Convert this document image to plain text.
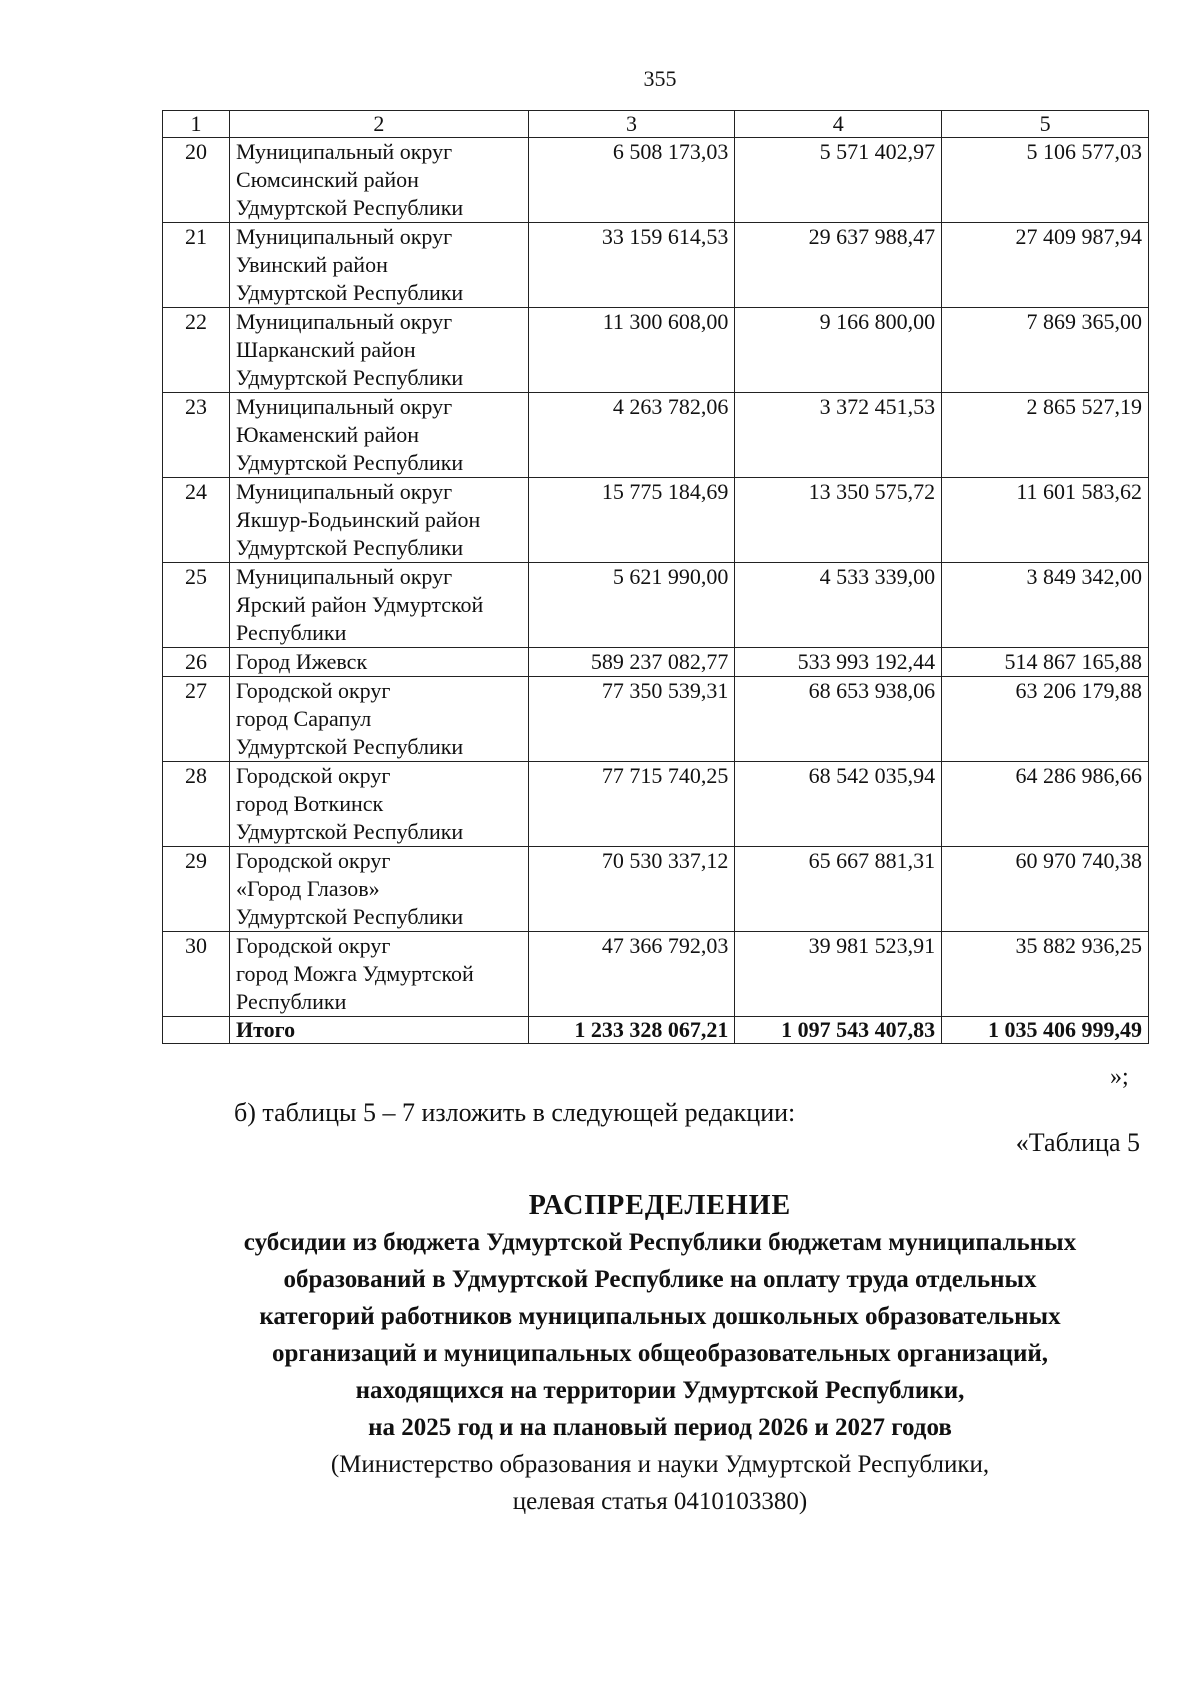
355
1	2	3	4	5
20	Муниципальный округ
Сюмсинский район
Удмуртской Республики	6 508 173,03	5 571 402,97	5 106 577,03
21	Муниципальный округ
Увинский район
Удмуртской Республики	33 159 614,53	29 637 988,47	27 409 987,94
22	Муниципальный округ
Шарканский район
Удмуртской Республики	11 300 608,00	9 166 800,00	7 869 365,00
23	Муниципальный округ
Юкаменский район
Удмуртской Республики	4 263 782,06	3 372 451,53	2 865 527,19
24	Муниципальный округ
Якшур-Бодьинский район
Удмуртской Республики	15 775 184,69	13 350 575,72	11 601 583,62
25	Муниципальный округ
Ярский район Удмуртской
Республики	5 621 990,00	4 533 339,00	3 849 342,00
26	Город Ижевск	589 237 082,77	533 993 192,44	514 867 165,88
27	Городской округ
город Сарапул
Удмуртской Республики	77 350 539,31	68 653 938,06	63 206 179,88
28	Городской округ
город Воткинск
Удмуртской Республики	77 715 740,25	68 542 035,94	64 286 986,66
29	Городской округ
«Город Глазов»
Удмуртской Республики	70 530 337,12	65 667 881,31	60 970 740,38
30	Городской округ
город Можга Удмуртской
Республики	47 366 792,03	39 981 523,91	35 882 936,25
	Итого	1 233 328 067,21	1 097 543 407,83	1 035 406 999,49
»;
б) таблицы 5 – 7 изложить в следующей редакции:
«Таблица 5
РАСПРЕДЕЛЕНИЕ
субсидии из бюджета Удмуртской Республики бюджетам муниципальных
образований в Удмуртской Республике на оплату труда отдельных
категорий работников муниципальных дошкольных образовательных
организаций и муниципальных общеобразовательных организаций,
находящихся на территории Удмуртской Республики,
на 2025 год и на плановый период 2026 и 2027 годов
(Министерство образования и науки Удмуртской Республики,
целевая статья 0410103380)
